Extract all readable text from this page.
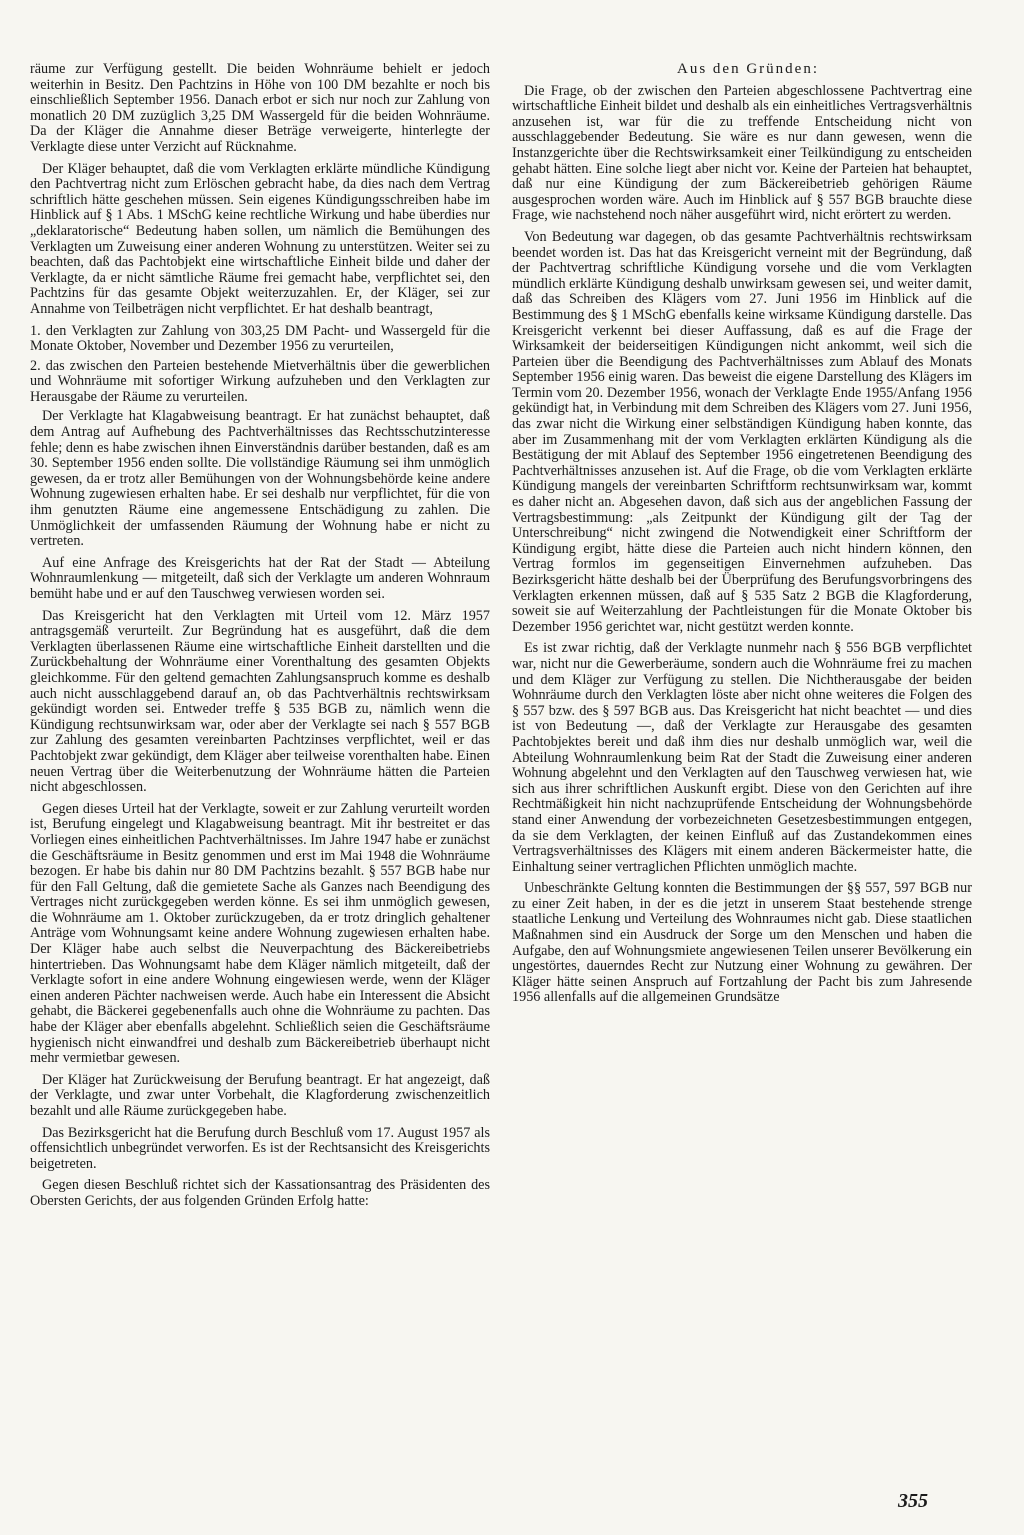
räume zur Verfügung gestellt. Die beiden Wohnräume behielt er jedoch weiterhin in Besitz. Den Pachtzins in Höhe von 100 DM bezahlte er noch bis einschließlich September 1956. Danach erbot er sich nur noch zur Zahlung von monatlich 20 DM zuzüglich 3,25 DM Wassergeld für die beiden Wohnräume. Da der Kläger die Annahme dieser Beträge verweigerte, hinterlegte der Verklagte diese unter Verzicht auf Rücknahme.

Der Kläger behauptet, daß die vom Verklagten erklärte mündliche Kündigung den Pachtvertrag nicht zum Erlöschen gebracht habe, da dies nach dem Vertrag schriftlich hätte geschehen müssen. Sein eigenes Kündigungsschreiben habe im Hinblick auf § 1 Abs. 1 MSchG keine rechtliche Wirkung und habe überdies nur „deklaratorische“ Bedeutung haben sollen, um nämlich die Bemühungen des Verklagten um Zuweisung einer anderen Wohnung zu unterstützen. Weiter sei zu beachten, daß das Pachtobjekt eine wirtschaftliche Einheit bilde und daher der Verklagte, da er nicht sämtliche Räume frei gemacht habe, verpflichtet sei, den Pachtzins für das gesamte Objekt weiterzuzahlen. Er, der Kläger, sei zur Annahme von Teilbeträgen nicht verpflichtet. Er hat deshalb beantragt,

1. den Verklagten zur Zahlung von 303,25 DM Pacht- und Wassergeld für die Monate Oktober, November und Dezember 1956 zu verurteilen,

2. das zwischen den Parteien bestehende Mietverhältnis über die gewerblichen und Wohnräume mit sofortiger Wirkung aufzuheben und den Verklagten zur Herausgabe der Räume zu verurteilen.

Der Verklagte hat Klagabweisung beantragt. Er hat zunächst behauptet, daß dem Antrag auf Aufhebung des Pachtverhältnisses das Rechtsschutzinteresse fehle; denn es habe zwischen ihnen Einverständnis darüber bestanden, daß es am 30. September 1956 enden sollte. Die vollständige Räumung sei ihm unmöglich gewesen, da er trotz aller Bemühungen von der Wohnungsbehörde keine andere Wohnung zugewiesen erhalten habe. Er sei deshalb nur verpflichtet, für die von ihm genutzten Räume eine angemessene Entschädigung zu zahlen. Die Unmöglichkeit der umfassenden Räumung der Wohnung habe er nicht zu vertreten.

Auf eine Anfrage des Kreisgerichts hat der Rat der Stadt — Abteilung Wohnraumlenkung — mitgeteilt, daß sich der Verklagte um anderen Wohnraum bemüht habe und er auf den Tauschweg verwiesen worden sei.

Das Kreisgericht hat den Verklagten mit Urteil vom 12. März 1957 antragsgemäß verurteilt. Zur Begründung hat es ausgeführt, daß die dem Verklagten überlassenen Räume eine wirtschaftliche Einheit darstellten und die Zurückbehaltung der Wohnräume einer Vorenthaltung des gesamten Objekts gleichkomme. Für den geltend gemachten Zahlungsanspruch komme es deshalb auch nicht ausschlaggebend darauf an, ob das Pachtverhältnis rechtswirksam gekündigt worden sei. Entweder treffe § 535 BGB zu, nämlich wenn die Kündigung rechtsunwirksam war, oder aber der Verklagte sei nach § 557 BGB zur Zahlung des gesamten vereinbarten Pachtzinses verpflichtet, weil er das Pachtobjekt zwar gekündigt, dem Kläger aber teilweise vorenthalten habe. Einen neuen Vertrag über die Weiterbenutzung der Wohnräume hätten die Parteien nicht abgeschlossen.

Gegen dieses Urteil hat der Verklagte, soweit er zur Zahlung verurteilt worden ist, Berufung eingelegt und Klagabweisung beantragt. Mit ihr bestreitet er das Vorliegen eines einheitlichen Pachtverhältnisses. Im Jahre 1947 habe er zunächst die Geschäftsräume in Besitz genommen und erst im Mai 1948 die Wohnräume bezogen. Er habe bis dahin nur 80 DM Pachtzins bezahlt. § 557 BGB habe nur für den Fall Geltung, daß die gemietete Sache als Ganzes nach Beendigung des Vertrages nicht zurückgegeben werden könne. Es sei ihm unmöglich gewesen, die Wohnräume am 1. Oktober zurückzugeben, da er trotz dringlich gehaltener Anträge vom Wohnungsamt keine andere Wohnung zugewiesen erhalten habe. Der Kläger habe auch selbst die Neuverpachtung des Bäckereibetriebs hintertrieben. Das Wohnungsamt habe dem Kläger nämlich mitgeteilt, daß der Verklagte sofort in eine andere Wohnung eingewiesen werde, wenn der Kläger einen anderen Pächter nachweisen werde. Auch habe ein Interessent die Absicht gehabt, die Bäckerei gegebenenfalls auch ohne die Wohnräume zu pachten. Das habe der Kläger aber ebenfalls abgelehnt. Schließlich seien die Geschäftsräume hygienisch nicht einwandfrei und deshalb zum Bäckereibetrieb überhaupt nicht mehr vermietbar gewesen.

Der Kläger hat Zurückweisung der Berufung beantragt. Er hat angezeigt, daß der Verklagte, und zwar unter Vorbehalt, die Klagforderung zwischenzeitlich bezahlt und alle Räume zurückgegeben habe.

Das Bezirksgericht hat die Berufung durch Beschluß vom 17. August 1957 als offensichtlich unbegründet verworfen. Es ist der Rechtsansicht des Kreisgerichts beigetreten.

Gegen diesen Beschluß richtet sich der Kassationsantrag des Präsidenten des Obersten Gerichts, der aus folgenden Gründen Erfolg hatte:

Aus den Gründen:

Die Frage, ob der zwischen den Parteien abgeschlossene Pachtvertrag eine wirtschaftliche Einheit bildet und deshalb als ein einheitliches Vertragsverhältnis anzusehen ist, war für die zu treffende Entscheidung nicht von ausschlaggebender Bedeutung. Sie wäre es nur dann gewesen, wenn die Instanzgerichte über die Rechtswirksamkeit einer Teilkündigung zu entscheiden gehabt hätten. Eine solche liegt aber nicht vor. Keine der Parteien hat behauptet, daß nur eine Kündigung der zum Bäckereibetrieb gehörigen Räume ausgesprochen worden wäre. Auch im Hinblick auf § 557 BGB brauchte diese Frage, wie nachstehend noch näher ausgeführt wird, nicht erörtert zu werden.

Von Bedeutung war dagegen, ob das gesamte Pachtverhältnis rechtswirksam beendet worden ist. Das hat das Kreisgericht verneint mit der Begründung, daß der Pachtvertrag schriftliche Kündigung vorsehe und die vom Verklagten mündlich erklärte Kündigung deshalb unwirksam gewesen sei, und weiter damit, daß das Schreiben des Klägers vom 27. Juni 1956 im Hinblick auf die Bestimmung des § 1 MSchG ebenfalls keine wirksame Kündigung darstelle. Das Kreisgericht verkennt bei dieser Auffassung, daß es auf die Frage der Wirksamkeit der beiderseitigen Kündigungen nicht ankommt, weil sich die Parteien über die Beendigung des Pachtverhältnisses zum Ablauf des Monats September 1956 einig waren. Das beweist die eigene Darstellung des Klägers im Termin vom 20. Dezember 1956, wonach der Verklagte Ende 1955/Anfang 1956 gekündigt hat, in Verbindung mit dem Schreiben des Klägers vom 27. Juni 1956, das zwar nicht die Wirkung einer selbständigen Kündigung haben konnte, das aber im Zusammenhang mit der vom Verklagten erklärten Kündigung als die Bestätigung der mit Ablauf des September 1956 eingetretenen Beendigung des Pachtverhältnisses anzusehen ist. Auf die Frage, ob die vom Verklagten erklärte Kündigung mangels der vereinbarten Schriftform rechtsunwirksam war, kommt es daher nicht an. Abgesehen davon, daß sich aus der angeblichen Fassung der Vertragsbestimmung: „als Zeitpunkt der Kündigung gilt der Tag der Unterschreibung“ nicht zwingend die Notwendigkeit einer Schriftform der Kündigung ergibt, hätte diese die Parteien auch nicht hindern können, den Vertrag formlos im gegenseitigen Einvernehmen aufzuheben. Das Bezirksgericht hätte deshalb bei der Überprüfung des Berufungsvorbringens des Verklagten erkennen müssen, daß auf § 535 Satz 2 BGB die Klagforderung, soweit sie auf Weiterzahlung der Pachtleistungen für die Monate Oktober bis Dezember 1956 gerichtet war, nicht gestützt werden konnte.

Es ist zwar richtig, daß der Verklagte nunmehr nach § 556 BGB verpflichtet war, nicht nur die Gewerberäume, sondern auch die Wohnräume frei zu machen und dem Kläger zur Verfügung zu stellen. Die Nichtherausgabe der beiden Wohnräume durch den Verklagten löste aber nicht ohne weiteres die Folgen des § 557 bzw. des § 597 BGB aus. Das Kreisgericht hat nicht beachtet — und dies ist von Bedeutung —, daß der Verklagte zur Herausgabe des gesamten Pachtobjektes bereit und daß ihm dies nur deshalb unmöglich war, weil die Abteilung Wohnraumlenkung beim Rat der Stadt die Zuweisung einer anderen Wohnung abgelehnt und den Verklagten auf den Tauschweg verwiesen hat, wie sich aus ihrer schriftlichen Auskunft ergibt. Diese von den Gerichten auf ihre Rechtmäßigkeit hin nicht nachzuprüfende Entscheidung der Wohnungsbehörde stand einer Anwendung der vorbezeichneten Gesetzesbestimmungen entgegen, da sie dem Verklagten, der keinen Einfluß auf das Zustandekommen eines Vertragsverhältnisses des Klägers mit einem anderen Bäckermeister hatte, die Einhaltung seiner vertraglichen Pflichten unmöglich machte.

Unbeschränkte Geltung konnten die Bestimmungen der §§ 557, 597 BGB nur zu einer Zeit haben, in der es die jetzt in unserem Staat bestehende strenge staatliche Lenkung und Verteilung des Wohnraumes nicht gab. Diese staatlichen Maßnahmen sind ein Ausdruck der Sorge um den Menschen und haben die Aufgabe, den auf Wohnungsmiete angewiesenen Teilen unserer Bevölkerung ein ungestörtes, dauerndes Recht zur Nutzung einer Wohnung zu gewähren. Der Kläger hätte seinen Anspruch auf Fortzahlung der Pacht bis zum Jahresende 1956 allenfalls auf die allgemeinen Grundsätze

355
